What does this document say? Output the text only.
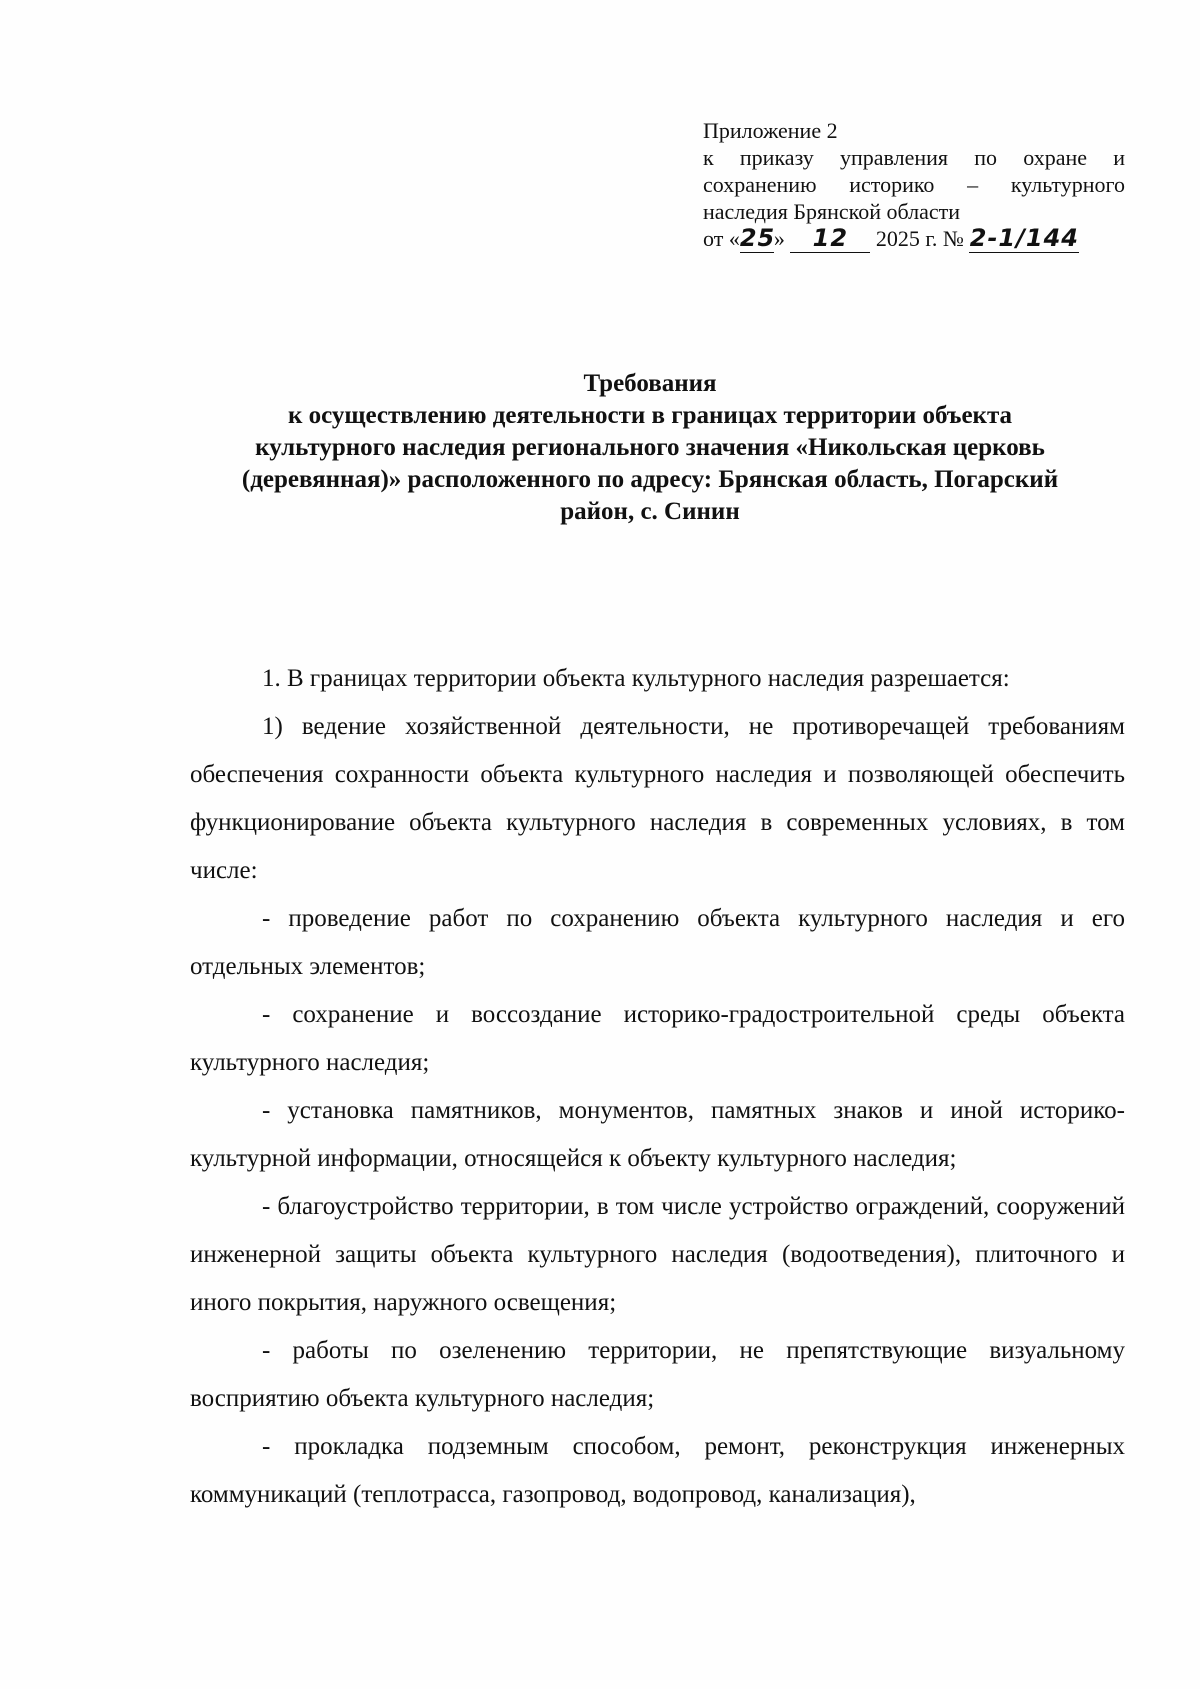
Приложение 2
к приказу управления по охране и
сохранению историко – культурного
наследия Брянской области
от «25» 12 2025 г. № 2-1/144
Требования
к осуществлению деятельности в границах территории объекта
культурного наследия регионального значения «Никольская церковь
(деревянная)» расположенного по адресу: Брянская область, Погарский
район, с. Синин

1. В границах территории объекта культурного наследия разрешается:

1) ведение хозяйственной деятельности, не противоречащей требованиям обеспечения сохранности объекта культурного наследия и позволяющей обеспечить функционирование объекта культурного наследия в современных условиях, в том числе:

- проведение работ по сохранению объекта культурного наследия и его отдельных элементов;

- сохранение и воссоздание историко-градостроительной среды объекта культурного наследия;

- установка памятников, монументов, памятных знаков и иной историко-культурной информации, относящейся к объекту культурного наследия;

- благоустройство территории, в том числе устройство ограждений, сооружений инженерной защиты объекта культурного наследия (водоотведения), плиточного и иного покрытия, наружного освещения;

- работы по озеленению территории, не препятствующие визуальному восприятию объекта культурного наследия;

- прокладка подземным способом, ремонт, реконструкция инженерных коммуникаций (теплотрасса, газопровод, водопровод, канализация),
